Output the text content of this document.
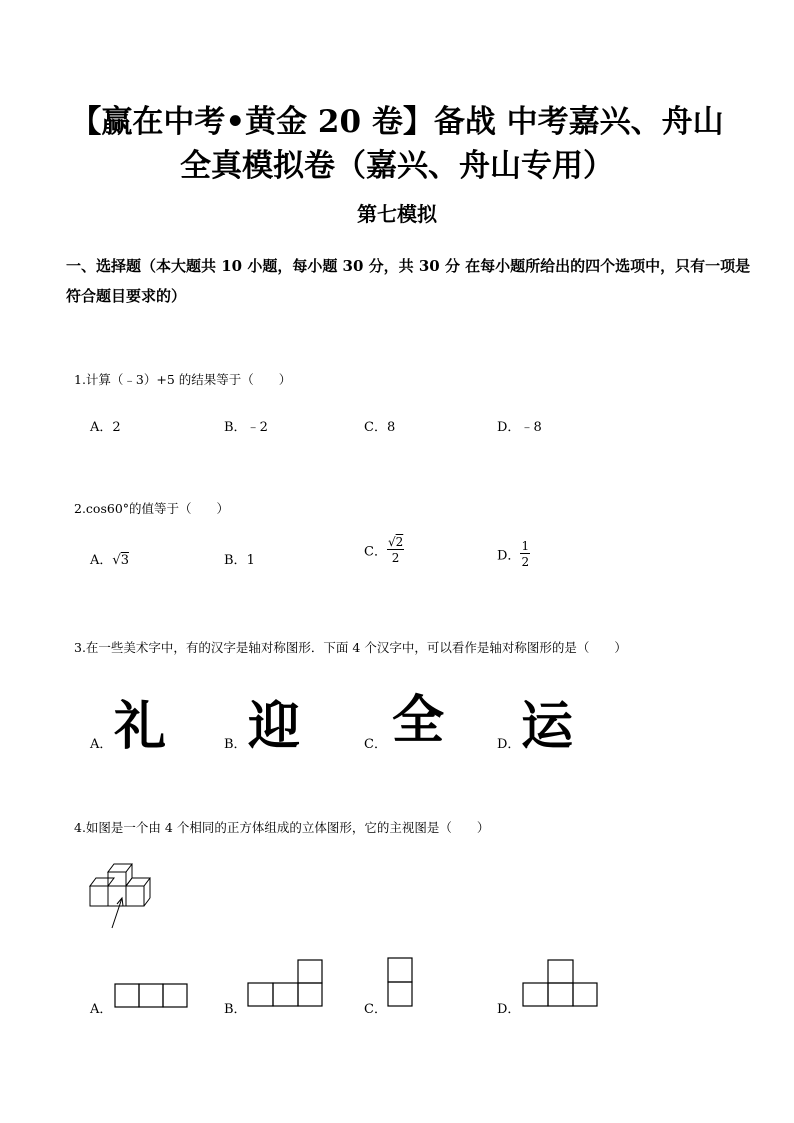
【赢在中考•黄金 20 卷】备战 中考嘉兴、舟山
全真模拟卷（嘉兴、舟山专用）
第七模拟
一、选择题（本大题共 10 小题，每小题 30 分，共 30 分 在每小题所给出的四个选项中，只有一项是符合题目要求的）
1.计算（﹣3）+5 的结果等于（　　）
A．2	B．﹣2	C．8	D．﹣8
2.cos60°的值等于（　　）
A．√3	B．1
C． $\frac{√2}{2}$	D． $\frac{1}{2}$
3.在一些美术字中，有的汉字是轴对称图形．下面 4 个汉字中，可以看作是轴对称图形的是（　　）
A． 礼	B． 迎	C． 全	D． 运
4.如图是一个由 4 个相同的正方体组成的立体图形，它的主视图是（　　）
A．	B．	C．	D．
